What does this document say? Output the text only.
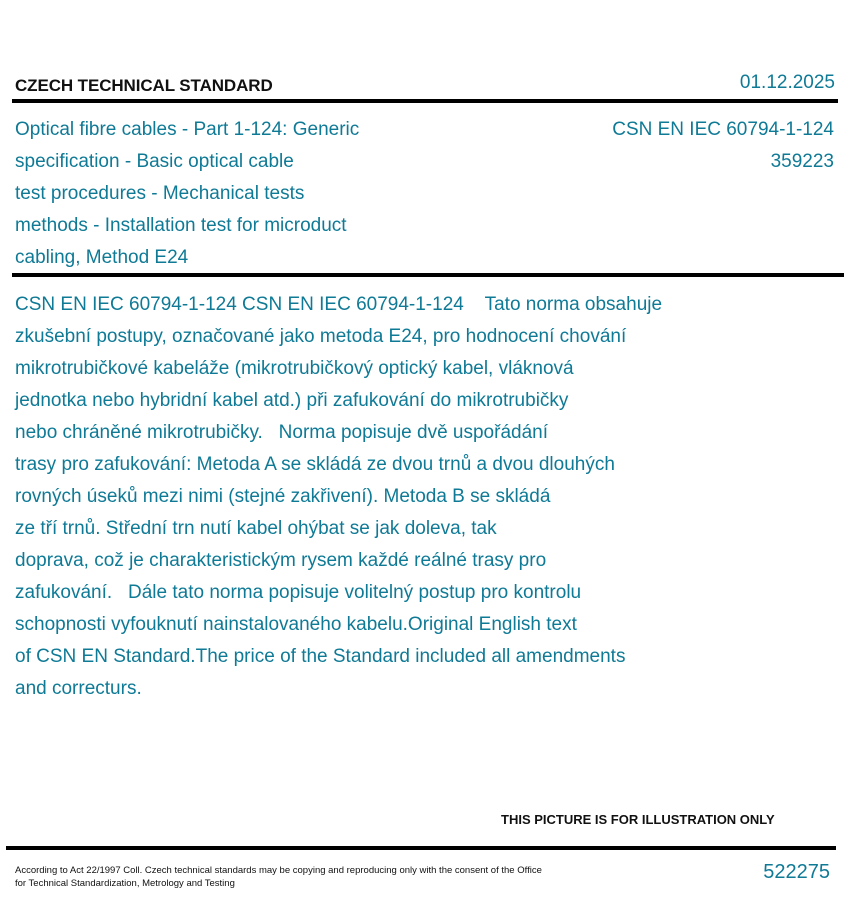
CZECH TECHNICAL STANDARD	01.12.2025
Optical fibre cables - Part 1-124: Generic
specification - Basic optical cable
test procedures - Mechanical tests
methods - Installation test for microduct
cabling, Method E24
CSN EN IEC 60794-1-124
359223
CSN EN IEC 60794-1-124 CSN EN IEC 60794-1-124    Tato norma obsahuje
zkušební postupy, označované jako metoda E24, pro hodnocení chování
mikrotrubičkové kabeláže (mikrotrubičkový optický kabel, vláknová
jednotka nebo hybridní kabel atd.) při zafukování do mikrotrubičky
nebo chráněné mikrotrubičky.   Norma popisuje dvě uspořádání
trasy pro zafukování: Metoda A se skládá ze dvou trnů a dvou dlouhých
rovných úseků mezi nimi (stejné zakřivení). Metoda B se skládá
ze tří trnů. Střední trn nutí kabel ohýbat se jak doleva, tak
doprava, což je charakteristickým rysem každé reálné trasy pro
zafukování.   Dále tato norma popisuje volitelný postup pro kontrolu
schopnosti vyfouknutí nainstalovaného kabelu.Original English text
of CSN EN Standard.The price of the Standard included all amendments
and correcturs.
THIS PICTURE IS FOR ILLUSTRATION ONLY
According to Act 22/1997 Coll. Czech technical standards may be copying and reproducing only with the consent of the Office
for Technical Standardization, Metrology and Testing
522275
